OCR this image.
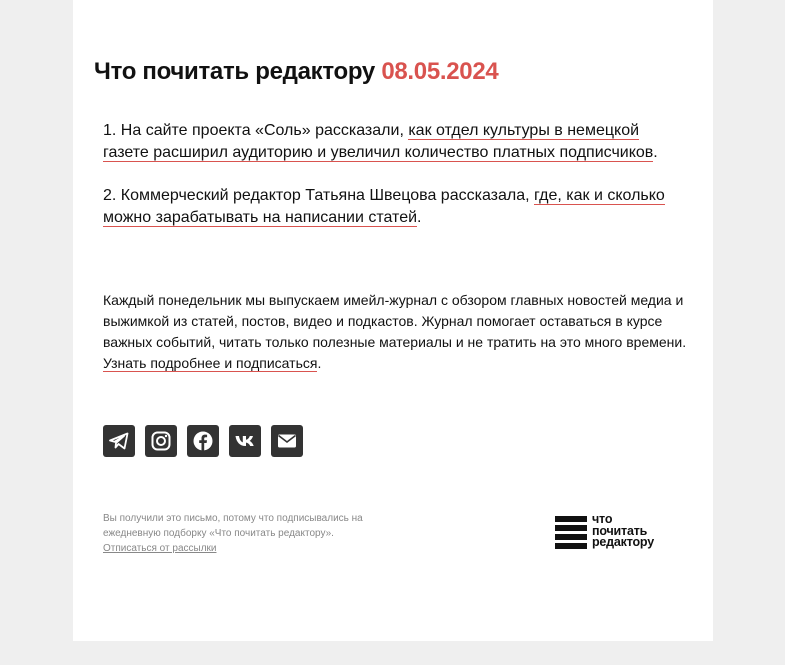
Что почитать редактору 08.05.2024

1. На сайте проекта «Соль» рассказали, как отдел культуры в немецкой газете расширил аудиторию и увеличил количество платных подписчиков.

2. Коммерческий редактор Татьяна Швецова рассказала, где, как и сколько можно зарабатывать на написании статей.

Каждый понедельник мы выпускаем имейл-журнал с обзором главных новостей медиа и выжимкой из статей, постов, видео и подкастов. Журнал помогает оставаться в курсе важных событий, читать только полезные материалы и не тратить на это много времени. Узнать подробнее и подписаться.

Вы получили это письмо, потому что подписывались на ежедневную подборку «Что почитать редактору».
Отписаться от рассылки

что
почитать
редактору
